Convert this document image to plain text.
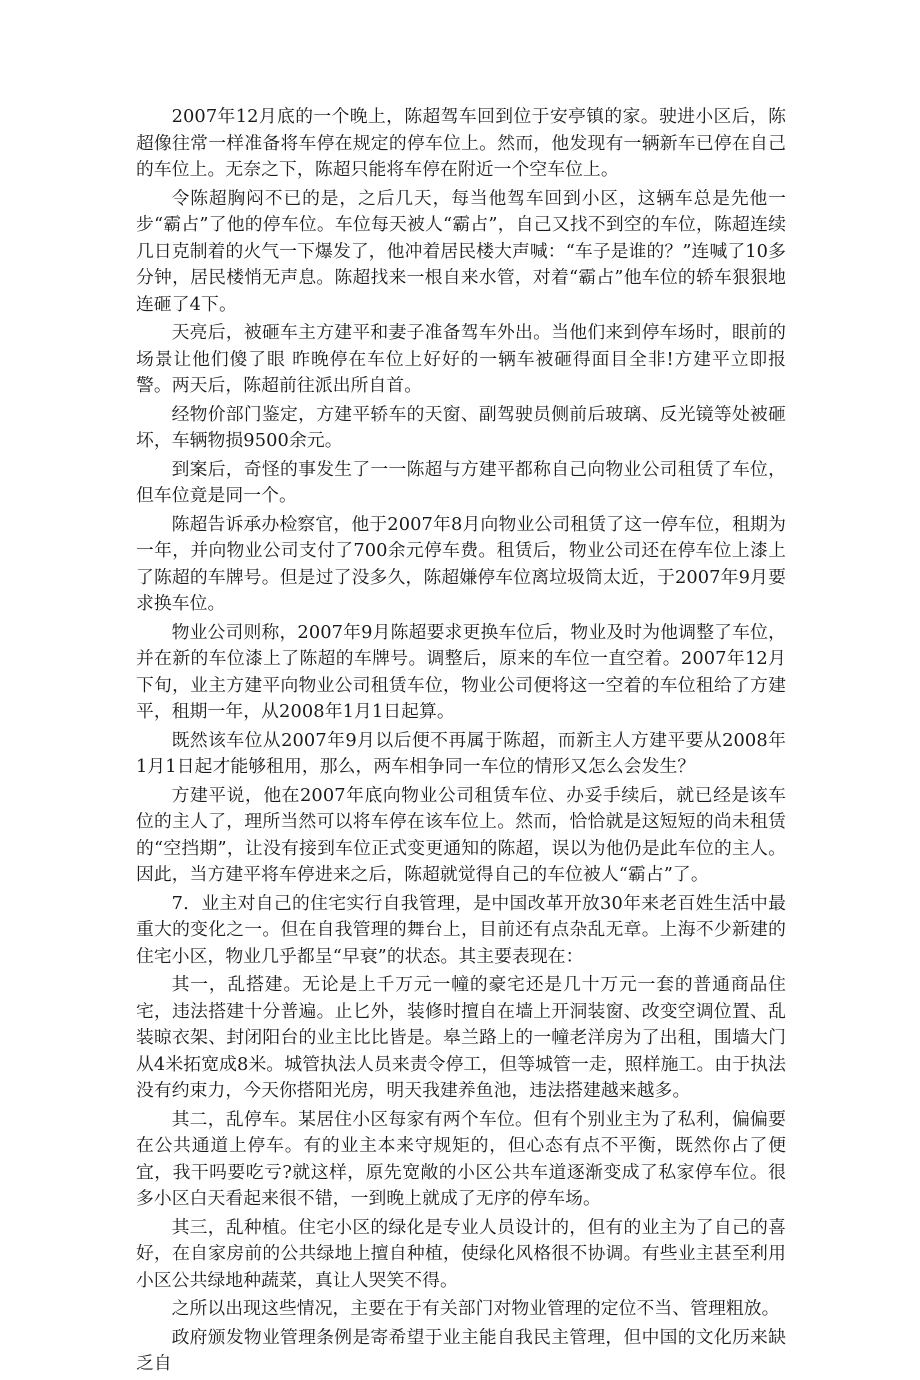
2007年12月底的一个晚上，陈超驾车回到位于安亭镇的家。驶进小区后，陈超像往常一样准备将车停在规定的停车位上。然而，他发现有一辆新车已停在自己的车位上。无奈之下，陈超只能将车停在附近一个空车位上。

令陈超胸闷不已的是，之后几天，每当他驾车回到小区，这辆车总是先他一步“霸占”了他的停车位。车位每天被人“霸占”，自己又找不到空的车位，陈超连续几日克制着的火气一下爆发了，他冲着居民楼大声喊：“车子是谁的？”连喊了10多分钟，居民楼悄无声息。陈超找来一根自来水管，对着“霸占”他车位的轿车狠狠地连砸了4下。

天亮后，被砸车主方建平和妻子准备驾车外出。当他们来到停车场时，眼前的场景让他们傻了眼 昨晚停在车位上好好的一辆车被砸得面目全非!方建平立即报警。两天后，陈超前往派出所自首。

经物价部门鉴定，方建平轿车的天窗、副驾驶员侧前后玻璃、反光镜等处被砸坏，车辆物损9500余元。

到案后，奇怪的事发生了一一陈超与方建平都称自己向物业公司租赁了车位，但车位竟是同一个。

陈超告诉承办检察官，他于2007年8月向物业公司租赁了这一停车位，租期为一年，并向物业公司支付了700余元停车费。租赁后，物业公司还在停车位上漆上了陈超的车牌号。但是过了没多久，陈超嫌停车位离垃圾筒太近，于2007年9月要求换车位。

物业公司则称，2007年9月陈超要求更换车位后，物业及时为他调整了车位，并在新的车位漆上了陈超的车牌号。调整后，原来的车位一直空着。2007年12月下旬，业主方建平向物业公司租赁车位，物业公司便将这一空着的车位租给了方建平，租期一年，从2008年1月1日起算。

既然该车位从2007年9月以后便不再属于陈超，而新主人方建平要从2008年1月1日起才能够租用，那么，两车相争同一车位的情形又怎么会发生？

方建平说，他在2007年底向物业公司租赁车位、办妥手续后，就已经是该车位的主人了，理所当然可以将车停在该车位上。然而，恰恰就是这短短的尚未租赁的“空挡期”，让没有接到车位正式变更通知的陈超，误以为他仍是此车位的主人。因此，当方建平将车停进来之后，陈超就觉得自己的车位被人“霸占”了。

7．业主对自己的住宅实行自我管理，是中国改革开放30年来老百姓生活中最重大的变化之一。但在自我管理的舞台上，目前还有点杂乱无章。上海不少新建的住宅小区，物业几乎都呈“早衰”的状态。其主要表现在：

其一，乱搭建。无论是上千万元一幢的豪宅还是几十万元一套的普通商品住宅，违法搭建十分普遍。止匕外，装修时擅自在墙上开洞装窗、改变空调位置、乱装晾衣架、封闭阳台的业主比比皆是。皋兰路上的一幢老洋房为了出租，围墙大门从4米拓宽成8米。城管执法人员来责令停工，但等城管一走，照样施工。由于执法没有约束力，今天你搭阳光房，明天我建养鱼池，违法搭建越来越多。

其二，乱停车。某居住小区每家有两个车位。但有个别业主为了私利，偏偏要在公共通道上停车。有的业主本来守规矩的，但心态有点不平衡，既然你占了便宜，我干吗要吃亏?就这样，原先宽敞的小区公共车道逐渐变成了私家停车位。很多小区白天看起来很不错，一到晚上就成了无序的停车场。

其三，乱种植。住宅小区的绿化是专业人员设计的，但有的业主为了自己的喜好，在自家房前的公共绿地上擅自种植，使绿化风格很不协调。有些业主甚至利用小区公共绿地种蔬菜，真让人哭笑不得。

之所以出现这些情况，主要在于有关部门对物业管理的定位不当、管理粗放。

政府颁发物业管理条例是寄希望于业主能自我民主管理，但中国的文化历来缺乏自
